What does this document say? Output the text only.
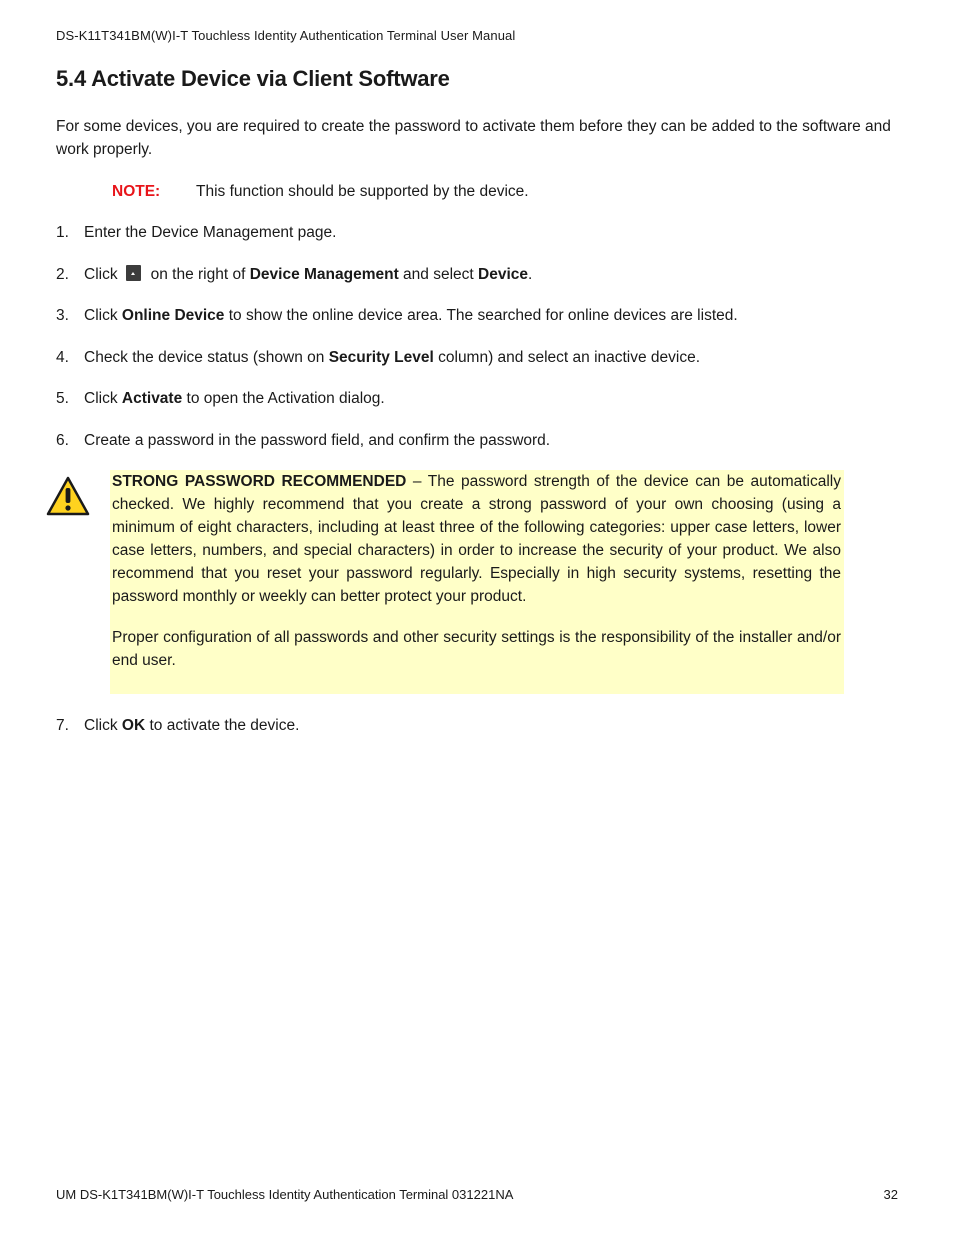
DS-K11T341BM(W)I-T Touchless Identity Authentication Terminal User Manual
5.4 Activate Device via Client Software

For some devices, you are required to create the password to activate them before they can be added to the software and work properly.

NOTE: This function should be supported by the device.
1. Enter the Device Management page.
2. Click on the right of Device Management and select Device.
3. Click Online Device to show the online device area. The searched for online devices are listed.
4. Check the device status (shown on Security Level column) and select an inactive device.
5. Click Activate to open the Activation dialog.
6. Create a password in the password field, and confirm the password.

STRONG PASSWORD RECOMMENDED – The password strength of the device can be automatically checked. We highly recommend that you create a strong password of your own choosing (using a minimum of eight characters, including at least three of the following categories: upper case letters, lower case letters, numbers, and special characters) in order to increase the security of your product. We also recommend that you reset your password regularly. Especially in high security systems, resetting the password monthly or weekly can better protect your product.

Proper configuration of all passwords and other security settings is the responsibility of the installer and/or end user.

7. Click OK to activate the device.
UM DS-K1T341BM(W)I-T Touchless Identity Authentication Terminal 031221NA	32
